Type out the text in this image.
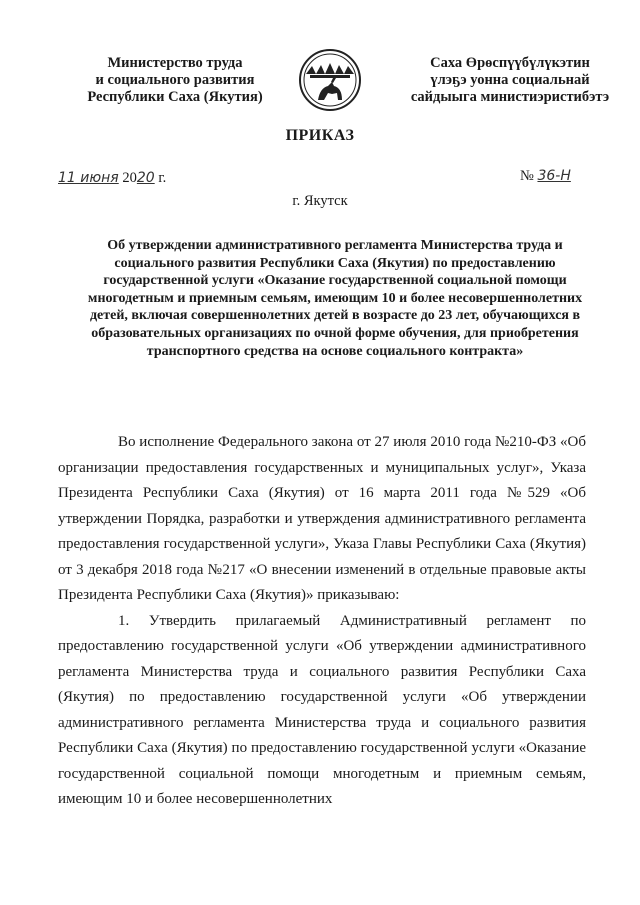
Министерство труда
и социального развития
Республики Саха (Якутия)
Саха Өрөспүүбүлүкэтин
үлэҕэ уонна социальнай
сайдыыга министиэристибэтэ
ПРИКАЗ
11 июня 2020 г.	№ 36-Н
г. Якутск
Об утверждении административного регламента Министерства труда и социального развития Республики Саха (Якутия) по предоставлению государственной услуги «Оказание государственной социальной помощи многодетным и приемным семьям, имеющим 10 и более несовершеннолетних детей, включая совершеннолетних детей в возрасте до 23 лет, обучающихся в образовательных организациях по очной форме обучения, для приобретения транспортного средства на основе социального контракта»

Во исполнение Федерального закона от 27 июля 2010 года №210-ФЗ «Об организации предоставления государственных и муниципальных услуг», Указа Президента Республики Саха (Якутия) от 16 марта 2011 года №529 «Об утверждении Порядка, разработки и утверждения административного регламента предоставления государственной услуги», Указа Главы Республики Саха (Якутия) от 3 декабря 2018 года №217 «О внесении изменений в отдельные правовые акты Президента Республики Саха (Якутия)» приказываю:

1. Утвердить прилагаемый Административный регламент по предоставлению государственной услуги «Об утверждении административного регламента Министерства труда и социального развития Республики Саха (Якутия) по предоставлению государственной услуги «Об утверждении административного регламента Министерства труда и социального развития Республики Саха (Якутия) по предоставлению государственной услуги «Оказание государственной социальной помощи многодетным и приемным семьям, имеющим 10 и более несовершеннолетних
